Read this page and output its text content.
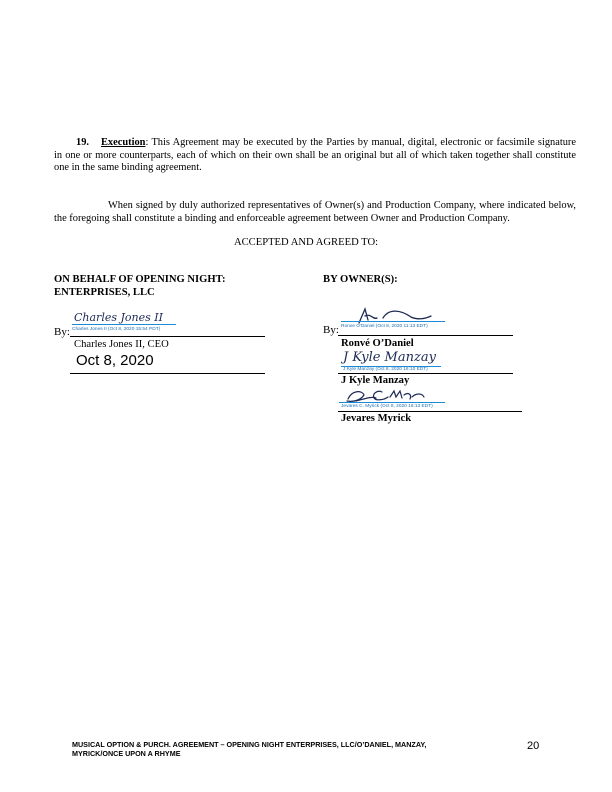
19. Execution: This Agreement may be executed by the Parties by manual, digital, electronic or facsimile signature in one or more counterparts, each of which on their own shall be an original but all of which taken together shall constitute one in the same binding agreement.
When signed by duly authorized representatives of Owner(s) and Production Company, where indicated below, the foregoing shall constitute a binding and enforceable agreement between Owner and Production Company.
ACCEPTED AND AGREED TO:
ON BEHALF OF OPENING NIGHT:
ENTERPRISES, LLC
BY OWNER(S):
Charles Jones II
Charles Jones II (Oct 8, 2020 15:54 PDT)
By:
Charles Jones II, CEO
Oct 8, 2020
Ronve O'Daniel (Oct 8, 2020 11:13 EDT)
By:
Ronvé O’Daniel
J Kyle Manzay
J Kyle Manzay (Oct 8, 2020 16:10 EDT)
J Kyle Manzay
Jevares C. Myrick (Oct 8, 2020 16:13 EDT)
Jevares Myrick
MUSICAL OPTION & PURCH. AGREEMENT – OPENING NIGHT ENTERPRISES, LLC/O’DANIEL, MANZAY,
MYRICK/ONCE UPON A RHYME
20
